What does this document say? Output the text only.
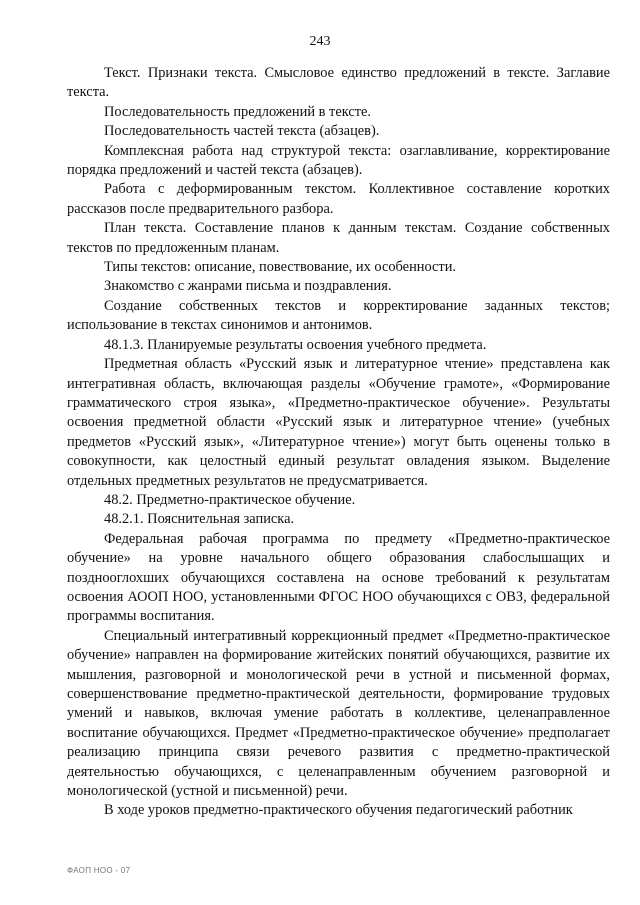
243

Текст. Признаки текста. Смысловое единство предложений в тексте. Заглавие текста.

Последовательность предложений в тексте.

Последовательность частей текста (абзацев).

Комплексная работа над структурой текста: озаглавливание, корректирование порядка предложений и частей текста (абзацев).

Работа с деформированным текстом. Коллективное составление коротких рассказов после предварительного разбора.

План текста. Составление планов к данным текстам. Создание собственных текстов по предложенным планам.

Типы текстов: описание, повествование, их особенности.

Знакомство с жанрами письма и поздравления.

Создание собственных текстов и корректирование заданных текстов; использование в текстах синонимов и антонимов.

48.1.3. Планируемые результаты освоения учебного предмета.

Предметная область «Русский язык и литературное чтение» представлена как интегративная область, включающая разделы «Обучение грамоте», «Формирование грамматического строя языка», «Предметно-практическое обучение». Результаты освоения предметной области «Русский язык и литературное чтение» (учебных предметов «Русский язык», «Литературное чтение») могут быть оценены только в совокупности, как целостный единый результат овладения языком. Выделение отдельных предметных результатов не предусматривается.

48.2. Предметно-практическое обучение.

48.2.1. Пояснительная записка.

Федеральная рабочая программа по предмету «Предметно-практическое обучение» на уровне начального общего образования слабослышащих и позднооглохших обучающихся составлена на основе требований к результатам освоения АООП НОО, установленными ФГОС НОО обучающихся с ОВЗ, федеральной программы воспитания.

Специальный интегративный коррекционный предмет «Предметно-практическое обучение» направлен на формирование житейских понятий обучающихся, развитие их мышления, разговорной и монологической речи в устной и письменной формах, совершенствование предметно-практической деятельности, формирование трудовых умений и навыков, включая умение работать в коллективе, целенаправленное воспитание обучающихся. Предмет «Предметно-практическое обучение» предполагает реализацию принципа связи речевого развития с предметно-практической деятельностью обучающихся, с целенаправленным обучением разговорной и монологической (устной и письменной) речи.

В ходе уроков предметно-практического обучения педагогический работник

ФАОП НОО - 07
